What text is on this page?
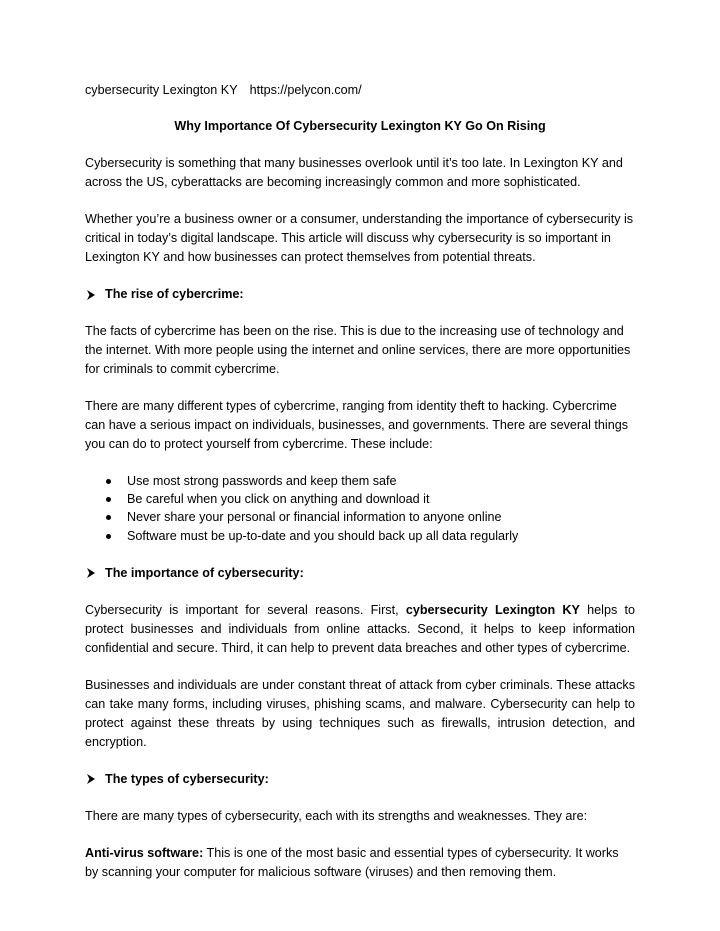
cybersecurity Lexington KY https://pelycon.com/
Why Importance Of Cybersecurity Lexington KY Go On Rising

Cybersecurity is something that many businesses overlook until it’s too late. In Lexington KY and across the US, cyberattacks are becoming increasingly common and more sophisticated.

Whether you’re a business owner or a consumer, understanding the importance of cybersecurity is critical in today’s digital landscape. This article will discuss why cybersecurity is so important in Lexington KY and how businesses can protect themselves from potential threats.

The rise of cybercrime:

The facts of cybercrime has been on the rise. This is due to the increasing use of technology and the internet. With more people using the internet and online services, there are more opportunities for criminals to commit cybercrime.

There are many different types of cybercrime, ranging from identity theft to hacking. Cybercrime can have a serious impact on individuals, businesses, and governments. There are several things you can do to protect yourself from cybercrime. These include:

Use most strong passwords and keep them safe
Be careful when you click on anything and download it
Never share your personal or financial information to anyone online
Software must be up-to-date and you should back up all data regularly
The importance of cybersecurity:

Cybersecurity is important for several reasons. First, cybersecurity Lexington KY helps to protect businesses and individuals from online attacks. Second, it helps to keep information confidential and secure. Third, it can help to prevent data breaches and other types of cybercrime.

Businesses and individuals are under constant threat of attack from cyber criminals. These attacks can take many forms, including viruses, phishing scams, and malware. Cybersecurity can help to protect against these threats by using techniques such as firewalls, intrusion detection, and encryption.

The types of cybersecurity:

There are many types of cybersecurity, each with its strengths and weaknesses. They are:

Anti-virus software: This is one of the most basic and essential types of cybersecurity. It works by scanning your computer for malicious software (viruses) and then removing them.
